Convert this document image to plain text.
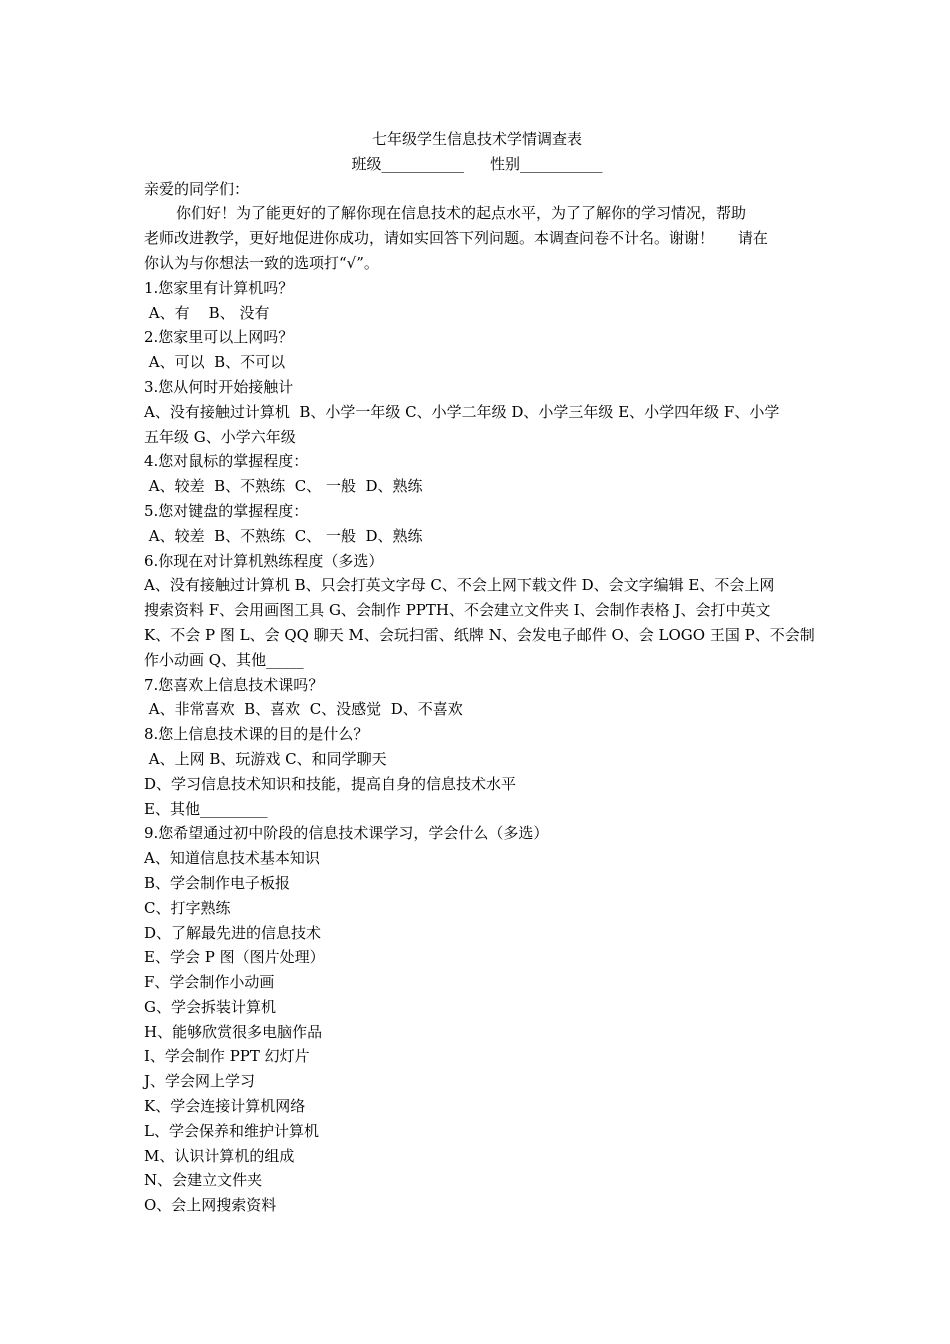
七年级学生信息技术学情调查表

班级___________ 性别___________

亲爱的同学们：

你们好！为了能更好的了解你现在信息技术的起点水平，为了了解你的学习情况，帮助

老师改进教学，更好地促进你成功，请如实回答下列问题。本调查问卷不计名。谢谢！     请在

你认为与你想法一致的选项打“√”。

1.您家里有计算机吗？

A、有    B、 没有

2.您家里可以上网吗？

A、可以  B、不可以

3.您从何时开始接触计

A、没有接触过计算机  B、小学一年级 C、小学二年级 D、小学三年级 E、小学四年级 F、小学

五年级 G、小学六年级

4.您对鼠标的掌握程度：

A、较差  B、不熟练  C、 一般  D、熟练

5.您对键盘的掌握程度：

A、较差  B、不熟练  C、 一般  D、熟练

6.你现在对计算机熟练程度（多选）

A、没有接触过计算机 B、只会打英文字母 C、不会上网下载文件 D、会文字编辑 E、不会上网

搜索资料 F、会用画图工具 G、会制作 PPTH、不会建立文件夹 I、会制作表格 J、会打中英文

K、不会 P 图 L、会 QQ 聊天 M、会玩扫雷、纸牌 N、会发电子邮件 O、会 LOGO 王国 P、不会制

作小动画 Q、其他_____

7.您喜欢上信息技术课吗？

A、非常喜欢  B、喜欢  C、没感觉  D、不喜欢

8.您上信息技术课的目的是什么？

A、上网 B、玩游戏 C、和同学聊天

D、学习信息技术知识和技能，提高自身的信息技术水平

E、其他_________

9.您希望通过初中阶段的信息技术课学习，学会什么（多选）

A、知道信息技术基本知识

B、学会制作电子板报

C、打字熟练

D、了解最先进的信息技术

E、学会 P 图（图片处理）

F、学会制作小动画

G、学会拆装计算机

H、能够欣赏很多电脑作品

I、学会制作 PPT 幻灯片

J、学会网上学习

K、学会连接计算机网络

L、学会保养和维护计算机

M、认识计算机的组成

N、会建立文件夹

O、会上网搜索资料
